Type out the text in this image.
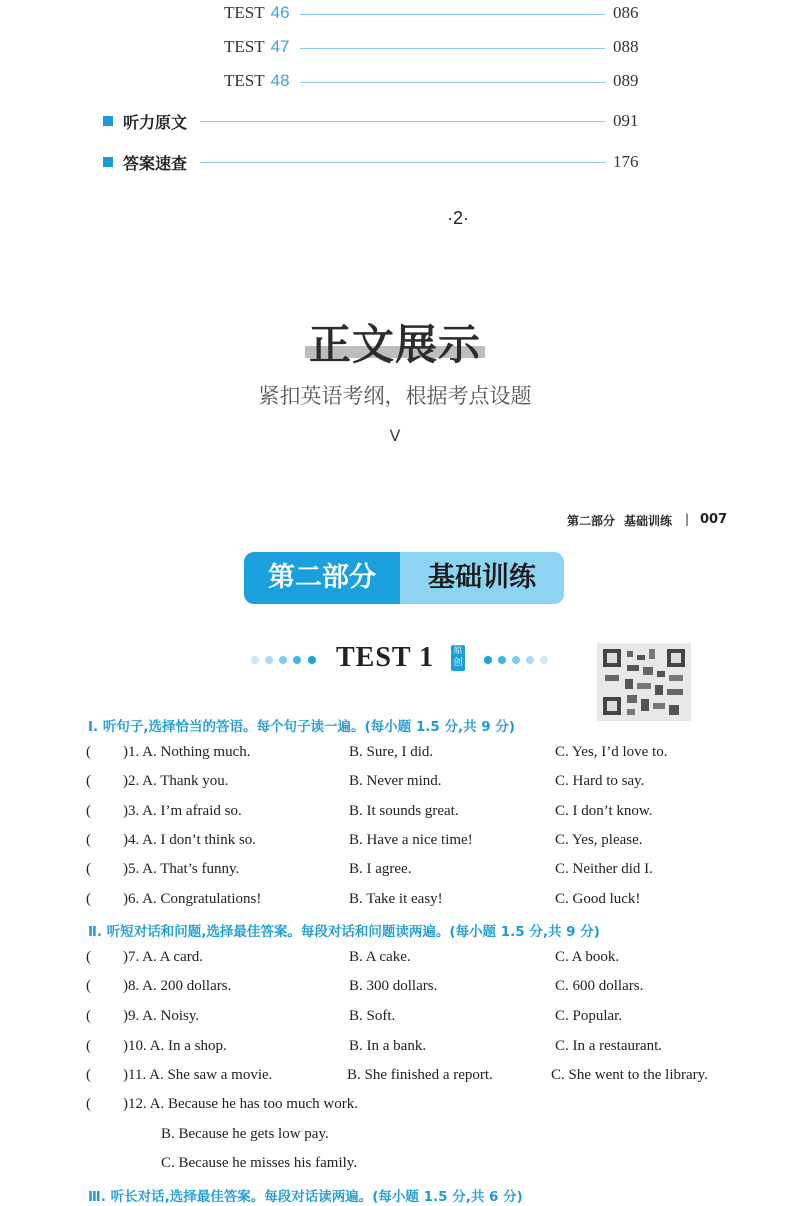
TEST 46	086
TEST 47	088
TEST 48	089
听力原文	091
答案速查	176
·2·
正文展示
紧扣英语考纲，根据考点设题
V
第二部分 基础训练 | 007
第二部分	基础训练
TEST 1 原创
Ⅰ. 听句子,选择恰当的答语。每个句子读一遍。(每小题 1.5 分,共 9 分)
( )1. A. Nothing much.	B. Sure, I did.	C. Yes, I’d love to.
( )2. A. Thank you.	B. Never mind.	C. Hard to say.
( )3. A. I’m afraid so.	B. It sounds great.	C. I don’t know.
( )4. A. I don’t think so.	B. Have a nice time!	C. Yes, please.
( )5. A. That’s funny.	B. I agree.	C. Neither did I.
( )6. A. Congratulations!	B. Take it easy!	C. Good luck!
( )7. A. A card.	B. A cake.	C. A book.
( )8. A. 200 dollars.	B. 300 dollars.	C. 600 dollars.
( )9. A. Noisy.	B. Soft.	C. Popular.
( )10. A. In a shop.	B. In a bank.	C. In a restaurant.
( )11. A. She saw a movie.	B. She finished a report.	C. She went to the library.
Ⅱ. 听短对话和问题,选择最佳答案。每段对话和问题读两遍。(每小题 1.5 分,共 9 分)
( )12. A. Because he has too much work.
B. Because he gets low pay.
C. Because he misses his family.
Ⅲ. 听长对话,选择最佳答案。每段对话读两遍。(每小题 1.5 分,共 6 分)
